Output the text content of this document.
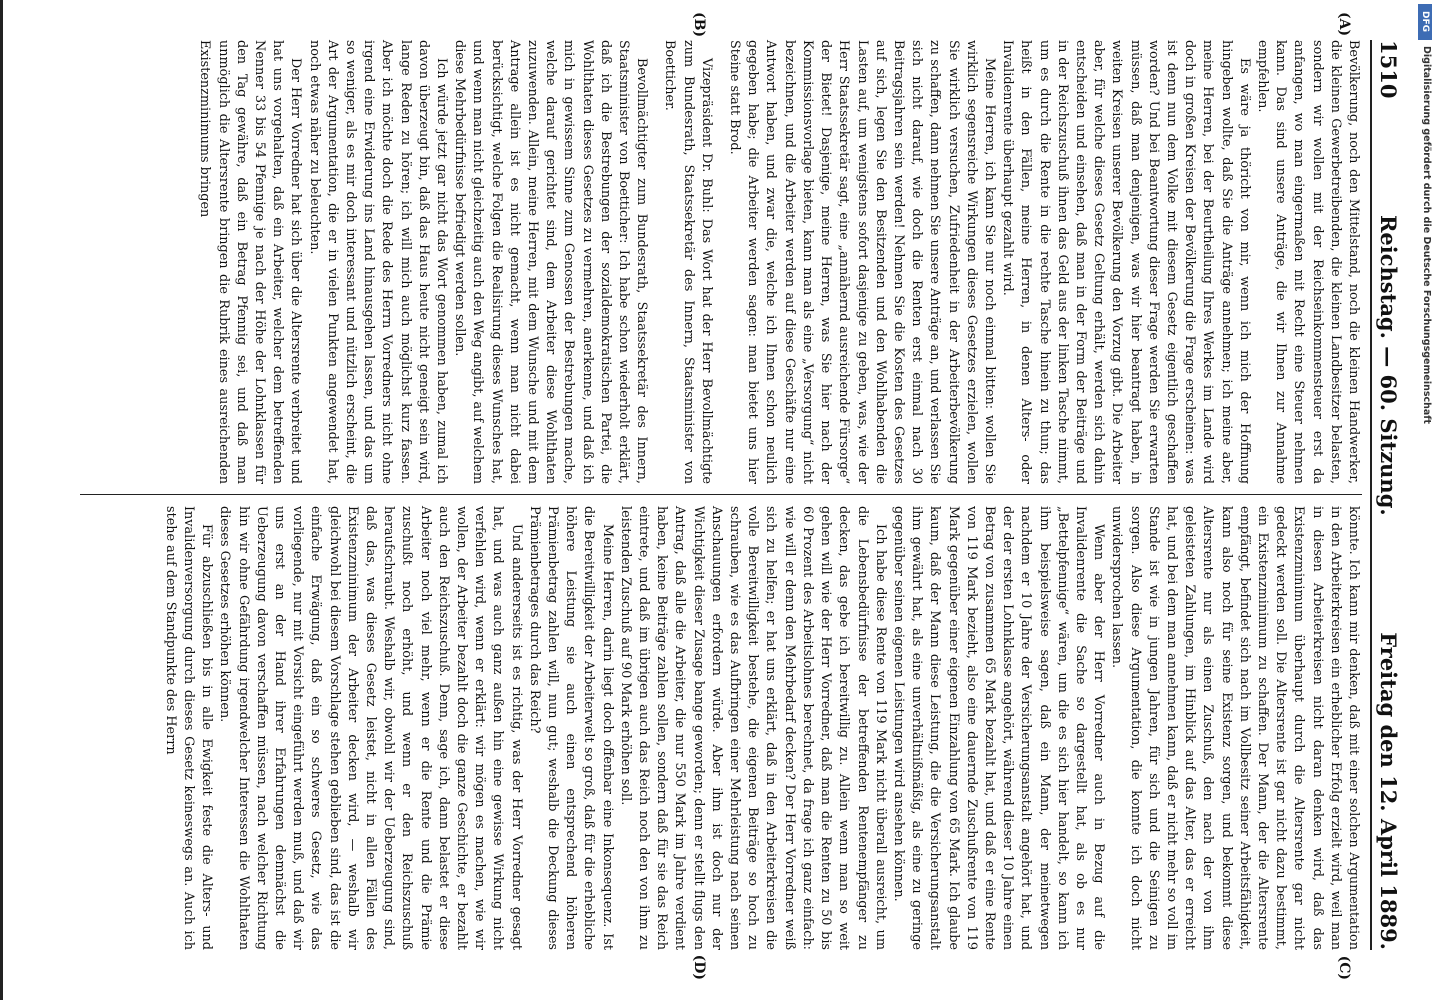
1510
Reichstag. — 60. Sitzung.
Freitag den 12. April 1889.
(A)
(B)

Bevölkerung, noch den Mittelstand, noch die kleinen Handwerker, die kleinen Gewerbetreibenden, die kleinen Landbesitzer belasten, sondern wir wollen mit der Reichseinkommensteuer erst da anfangen, wo man eingermaßen mit Recht eine Steuer nehmen kann. Das sind unsere Anträge, die wir Ihnen zur Annahme empfehlen.

Es wäre ja thöricht von mir, wenn ich mich der Hoffnung hingeben wollte, daß Sie die Anträge annehmen; ich meine aber, meine Herren, bei der Beurtheilung Ihres Werkes im Lande wird doch in großen Kreisen der Bevölkerung die Frage erscheinen: was ist denn nun dem Volke mit diesem Gesetz eigentlich geschaffen worden? Und bei Beantwortung dieser Frage werden Sie erwarten müssen, daß man denjenigen, was wir hier beantragt haben, in weiten Kreisen unserer Bevölkerung den Vorzug gibt. Die Arbeiter aber, für welche dieses Gesetz Geltung erhält, werden sich dahin entscheiden und einsehen, daß man in der Form der Beiträge und in der Reichszuschuß ihnen das Geld aus der linken Tasche nimmt, um es durch die Rente in die rechte Tasche hinein zu thun; das heißt in den Fällen, meine Herren, in denen Alters- oder Invalidenrente überhaupt gezahlt wird.

Meine Herren, ich kann Sie nur noch einmal bitten: wollen Sie wirklich segensreiche Wirkungen dieses Gesetzes erzielen, wollen Sie wirklich versuchen, Zufriedenheit in der Arbeiterbevölkerung zu schaffen, dann nehmen Sie unsere Anträge an, und verlassen Sie sich nicht darauf, wie doch die Renten erst einmal nach 30 Beitragsjahren sein werden! Nehmen Sie die Kosten des Gesetzes auf sich, legen Sie den Besitzenden und den Wohlhabenden die Lasten auf, um wenigstens sofort dasjenige zu geben, was, wie der Herr Staatssekretär sagt, eine „annähernd ausreichende Fürsorge“ der Bietet! Dasjenige, meine Herren, was Sie hier nach der Kommissionsvorlage bieten, kann man als eine „Versorgung“ nicht bezeichnen, und die Arbeiter werden auf diese Geschäfte nur eine Antwort haben, und zwar die, welche ich Ihnen schon neulich gegeben habe; die Arbeiter werden sagen: man bietet uns hier Steine statt Brod.

Vizepräsident Dr. Buhl: Das Wort hat der Herr Bevollmächtigte zum Bundesrath, Staatssekretär des Innern, Staatsminister von Boetticher.

Bevollmächtigter zum Bundesrath, Staatssekretär des Innern, Staatsminister von Boetticher: Ich habe schon wiederholt erklärt, daß ich die Bestrebungen der sozialdemokratischen Partei, die Wohlthaten dieses Gesetzes zu vermehren, anerkenne, und daß ich mich in gewissem Sinne zum Genossen der Bestrebungen mache, welche darauf gerichtet sind, dem Arbeiter diese Wohlthaten zuzuwenden. Allein, meine Herren, mit dem Wunsche und mit dem Antrage allein ist es nicht gemacht, wenn man nicht dabei berücksichtigt, welche Folgen die Realisirung dieses Wunsches hat, und wenn man nicht gleichzeitig auch den Weg angibt, auf welchem diese Mehrbedürfnisse befriedigt werden sollen.

Ich würde jetzt gar nicht das Wort genommen haben, zumal ich davon überzeugt bin, daß das Haus heute nicht geneigt sein wird, lange Reden zu hören; ich will mich auch möglichst kurz fassen. Aber ich möchte doch die Rede des Herrn Vorredners nicht ohne irgend eine Erwiderung ins Land hinausgehen lassen, und das um so weniger, als es mir doch interessant und nützlich erscheint, die Art der Argumentation, die er in vielen Punkten angewendet hat, noch etwas näher zu beleuchten.

Der Herr Vorredner hat sich über die Altersrente verbreitet und hat uns vorgehalten, daß ein Arbeiter, welcher dem betreffenden Nenner 33 bis 54 Pfennige je nach der Höhe der Lohnklassen für den Tag gewähre, daß ein Betrag Pfennig sei, und daß man unmöglich die Altersrente bringen die Rubrik eines ausreichenden Existenzminimums bringen

(C)
(D)

könnte. Ich kann mir denken, daß mit einer solchen Argumentation in den Arbeiterkreisen ein erheblicher Erfolg erzielt wird, weil man in diesen Arbeiterkreisen nicht daran denken wird, daß das Existenzminimum überhaupt durch die Altersrente gar nicht gedeckt werden soll. Die Altersrente ist gar nicht dazu bestimmt, ein Existenzminimum zu schaffen. Der Mann, der die Altersrente empfängt, befindet sich nach im Vollbesitz seiner Arbeitsfähigkeit, kann also noch für seine Existenz sorgen, und bekommt diese Altersrente nur als einen Zuschuß, den nach der von ihm geleisteten Zahlungen, im Hinblick auf das Alter, das er erreicht hat, und bei dem man annehmen kann, daß er nicht mehr so voll im Stande ist wie in jungen Jahren, für sich und die Seinigen zu sorgen. Also diese Argumentation, die konnte ich doch nicht unwidersprochen lassen.

Wenn aber der Herr Vorredner auch in Bezug auf die Invalidenrente die Sache so dargestellt hat, als ob es nur „Bettelpfennige“ wären, um die es sich hier handelt, so kann ich ihm beispielsweise sagen, daß ein Mann, der meinetwegen nachdem er 10 Jahre der Versicherungsanstalt angehört hat, und der der ersten Lohnklasse angehört, während dieser 10 Jahre einen Betrag von zusammen 65 Mark bezahlt hat, und daß er eine Rente von 119 Mark bezieht, also eine dauernde Zuschußrente von 119 Mark gegenüber einer eigenen Einzahlung von 65 Mark. Ich glaube kaum, daß der Mann diese Leistung, die die Versicherungsanstalt ihm gewährt hat, als eine unverhältnißmäßig, als eine zu geringe gegenüber seinen eigenen Leistungen wird ansehen können.

Ich habe diese Rente von 119 Mark nicht überall ausreicht, um die Lebensbedürfnisse der betreffenden Rentenempfänger zu decken, das gebe ich bereitwillig zu. Allein wenn man so weit gehen will wie der Herr Vorredner, daß man die Renten zu 50 bis 60 Prozent des Arbeitslohnes berechnet, da frage ich ganz einfach: wie will er denn den Mehrbedarf decken? Der Herr Vorredner weiß sich zu helfen; er hat uns erklärt, daß in den Arbeiterkreisen die volle Bereitwilligkeit bestehe, die eigenen Beiträge so hoch zu schrauben, wie es das Aufbringen einer Mehrleistung nach seinen Anschauungen erfordern würde. Aber ihm ist doch nur der Wichtigkeit dieser Zusage bange geworden; denn er stellt flugs den Antrag, daß alle die Arbeiter, die nur 550 Mark im Jahre verdient haben, keine Beiträge zahlen sollen, sondern daß für sie das Reich eintrete, und daß im übrigen auch das Reich noch den von ihm zu leistenden Zuschuß auf 90 Mark erhöhen soll.

Meine Herren, darin liegt doch offenbar eine Inkonsequenz. Ist die Bereitwilligkeit der Arbeiterwelt so groß, daß für die erhebliche höhere Leistung sie auch einen entsprechend höheren Prämienbetrag zahlen will, nun gut; weshalb die Deckung dieses Prämienbetrages durch das Reich?

Und andererseits ist es richtig, was der Herr Vorredner gesagt hat, und was auch ganz außen hin eine gewisse Wirkung nicht verfehlen wird, wenn er erklärt: wir mögen es machen, wie wir wollen, der Arbeiter bezahlt doch die ganze Geschichte, er bezahlt auch den Reichszuschuß. Denn, sage ich, dann belastet er diese Arbeiter noch viel mehr, wenn er die Rente und die Prämie zuschußt noch erhöht, und wenn er den Reichszuschuß heraufschraubt. Weshalb wir, obwohl wir der Ueberzeugung sind, daß das, was dieses Gesetz leistet, nicht in allen Fällen des Existenzminimum der Arbeiter decken wird, — weshalb wir gleichwohl bei diesem Vorschlage stehen geblieben sind, das ist die einfache Erwägung, daß ein so schweres Gesetz, wie das vorliegende, nur mit Vorsicht eingeführt werden muß, und daß wir uns erst an der Hand ihrer Erfahrungen demnächst die Ueberzeugung davon verschaffen müssen, nach welcher Richtung hin wir ohne Gefährdung irgendwelcher Interessen die Wohlthaten dieses Gesetzes erhöhen können.

Für abzuschließen bis in alle Ewigkeit feste die Alters- und Invalidenversorgung durch dieses Gesetz keineswegs an. Auch ich stehe auf dem Standpunkte des Herrn

DFG
Digitalisierung gefördert durch die Deutsche Forschungsgemeinschaft
